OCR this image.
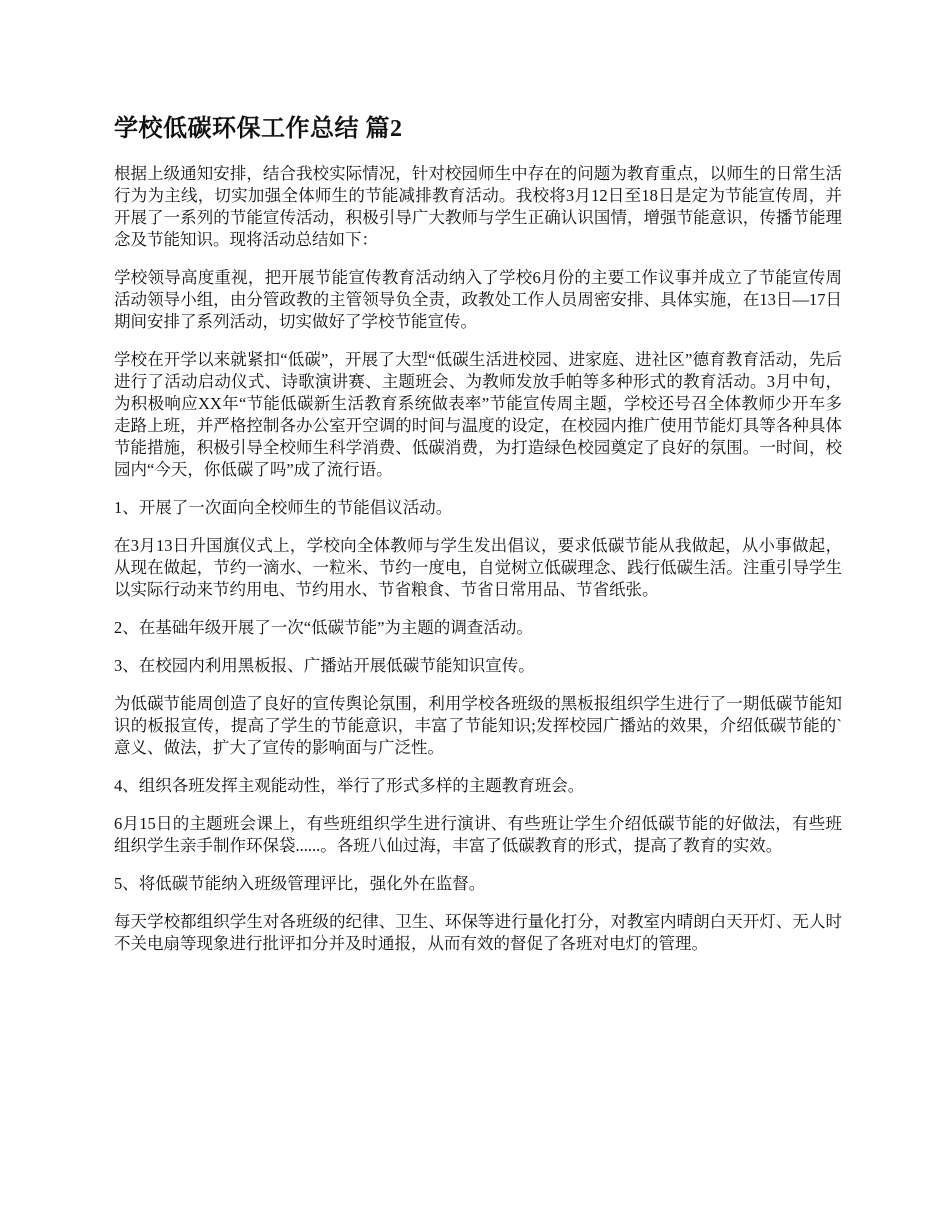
学校低碳环保工作总结 篇2

根据上级通知安排，结合我校实际情况，针对校园师生中存在的问题为教育重点，以师生的日常生活行为为主线，切实加强全体师生的节能减排教育活动。我校将3月12日至18日是定为节能宣传周，并开展了一系列的节能宣传活动，积极引导广大教师与学生正确认识国情，增强节能意识，传播节能理念及节能知识。现将活动总结如下：

学校领导高度重视，把开展节能宣传教育活动纳入了学校6月份的主要工作议事并成立了节能宣传周活动领导小组，由分管政教的主管领导负全责，政教处工作人员周密安排、具体实施，在13日—17日期间安排了系列活动，切实做好了学校节能宣传。

学校在开学以来就紧扣“低碳”，开展了大型“低碳生活进校园、进家庭、进社区”德育教育活动，先后进行了活动启动仪式、诗歌演讲赛、主题班会、为教师发放手帕等多种形式的教育活动。3月中旬，为积极响应XX年“节能低碳新生活教育系统做表率”节能宣传周主题，学校还号召全体教师少开车多走路上班，并严格控制各办公室开空调的时间与温度的设定，在校园内推广使用节能灯具等各种具体节能措施，积极引导全校师生科学消费、低碳消费，为打造绿色校园奠定了良好的氛围。一时间，校园内“今天，你低碳了吗”成了流行语。

1、开展了一次面向全校师生的节能倡议活动。

在3月13日升国旗仪式上，学校向全体教师与学生发出倡议，要求低碳节能从我做起，从小事做起，从现在做起，节约一滴水、一粒米、节约一度电，自觉树立低碳理念、践行低碳生活。注重引导学生以实际行动来节约用电、节约用水、节省粮食、节省日常用品、节省纸张。

2、在基础年级开展了一次“低碳节能”为主题的调查活动。

3、在校园内利用黑板报、广播站开展低碳节能知识宣传。

为低碳节能周创造了良好的宣传舆论氛围，利用学校各班级的黑板报组织学生进行了一期低碳节能知识的板报宣传，提高了学生的节能意识，丰富了节能知识;发挥校园广播站的效果，介绍低碳节能的`意义、做法，扩大了宣传的影响面与广泛性。

4、组织各班发挥主观能动性，举行了形式多样的主题教育班会。

6月15日的主题班会课上，有些班组织学生进行演讲、有些班让学生介绍低碳节能的好做法，有些班组织学生亲手制作环保袋......。各班八仙过海，丰富了低碳教育的形式，提高了教育的实效。

5、将低碳节能纳入班级管理评比，强化外在监督。

每天学校都组织学生对各班级的纪律、卫生、环保等进行量化打分，对教室内晴朗白天开灯、无人时不关电扇等现象进行批评扣分并及时通报，从而有效的督促了各班对电灯的管理。
